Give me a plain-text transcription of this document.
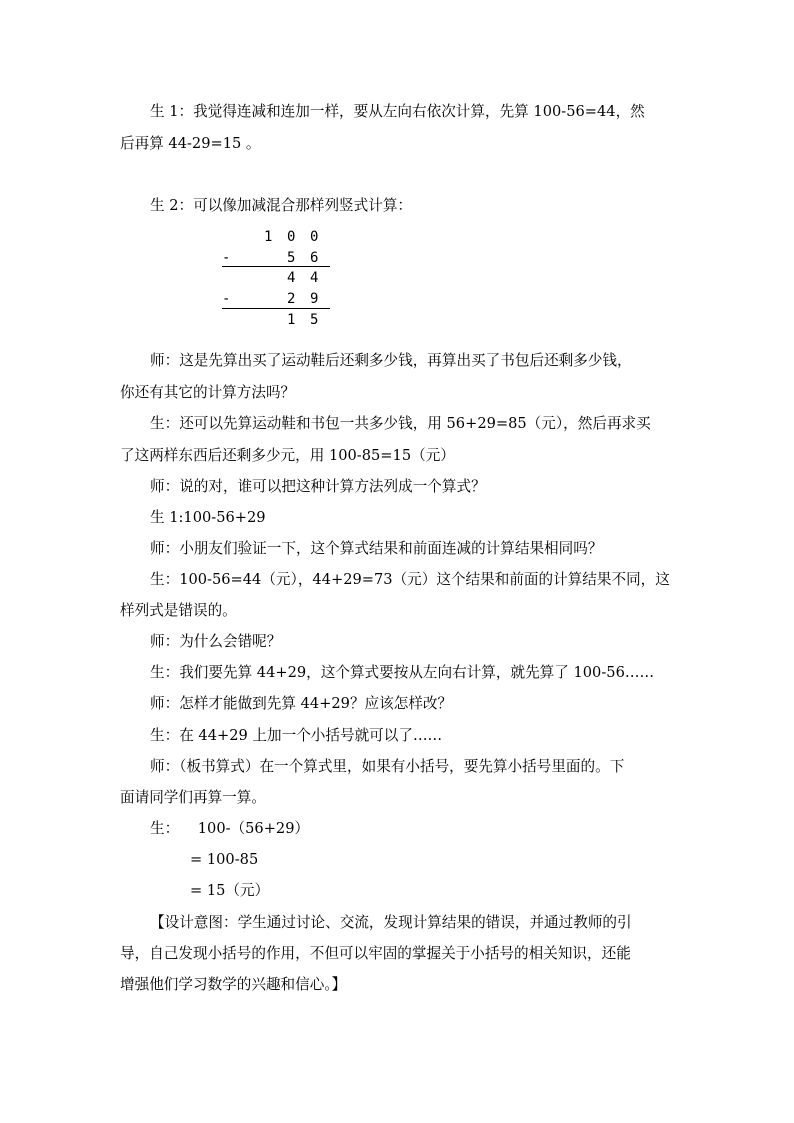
生 1：我觉得连减和连加一样，要从左向右依次计算，先算 100-56=44，然
后再算 44-29=15 。
生 2：可以像加减混合那样列竖式计算：
1 0 0
-	5 6
4 4
-	2 9
1 5
师：这是先算出买了运动鞋后还剩多少钱，再算出买了书包后还剩多少钱，
你还有其它的计算方法吗？
生：还可以先算运动鞋和书包一共多少钱，用 56+29=85（元），然后再求买
了这两样东西后还剩多少元，用 100-85=15（元）
师：说的对，谁可以把这种计算方法列成一个算式？
生 1:100-56+29
师：小朋友们验证一下，这个算式结果和前面连减的计算结果相同吗？
生：100-56=44（元），44+29=73（元）这个结果和前面的计算结果不同，这
样列式是错误的。
师：为什么会错呢？
生：我们要先算 44+29，这个算式要按从左向右计算，就先算了 100-56……
师：怎样才能做到先算 44+29？应该怎样改？
生：在 44+29 上加一个小括号就可以了……
师：（板书算式）在一个算式里，如果有小括号，要先算小括号里面的。下
面请同学们再算一算。
生：    100-（56+29）
= 100-85
= 15（元）
【设计意图：学生通过讨论、交流，发现计算结果的错误，并通过教师的引
导，自己发现小括号的作用，不但可以牢固的掌握关于小括号的相关知识，还能
增强他们学习数学的兴趣和信心。】
